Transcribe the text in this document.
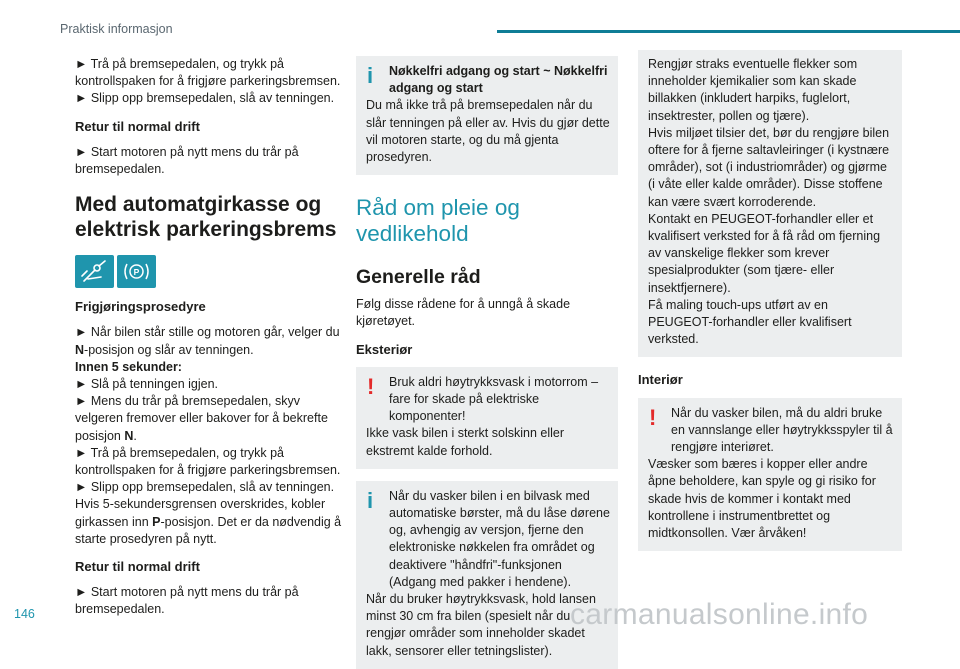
Praktisk informasjon

► Trå på bremsepedalen, og trykk på kontrollspaken for å frigjøre parkeringsbremsen.

► Slipp opp bremsepedalen, slå av tenningen.

Retur til normal drift

► Start motoren på nytt mens du trår på bremsepedalen.

Med automatgirkasse og elektrisk parkeringsbrems

P

Frigjøringsprosedyre

► Når bilen står stille og motoren går, velger du N-posisjon og slår av tenningen.

Innen 5 sekunder:

► Slå på tenningen igjen.

► Mens du trår på bremsepedalen, skyv velgeren fremover eller bakover for å bekrefte posisjon N.

► Trå på bremsepedalen, og trykk på kontrollspaken for å frigjøre parkeringsbremsen.

► Slipp opp bremsepedalen, slå av tenningen.

Hvis 5-sekundersgrensen overskrides, kobler girkassen inn P-posisjon. Det er da nødvendig å starte prosedyren på nytt.

Retur til normal drift

► Start motoren på nytt mens du trår på bremsepedalen.

i	Nøkkelfri adgang og start ~ Nøkkelfri adgang og start

Du må ikke trå på bremsepedalen når du slår tenningen på eller av. Hvis du gjør dette vil motoren starte, og du må gjenta prosedyren.

Råd om pleie og vedlikehold

Generelle råd

Følg disse rådene for å unngå å skade kjøretøyet.

Eksteriør

!	Bruk aldri høytrykksvask i motorrom – fare for skade på elektriske komponenter!

Ikke vask bilen i sterkt solskinn eller ekstremt kalde forhold.

i	Når du vasker bilen i en bilvask med automatiske børster, må du låse dørene og, avhengig av versjon, fjerne den elektroniske nøkkelen fra området og deaktivere "håndfri"-funksjonen (Adgang med pakker i hendene).

Når du bruker høytrykksvask, hold lansen minst 30 cm fra bilen (spesielt når du rengjør områder som inneholder skadet lakk, sensorer eller tetningslister).

Rengjør straks eventuelle flekker som inneholder kjemikalier som kan skade billakken (inkludert harpiks, fuglelort, insektrester, pollen og tjære).

Hvis miljøet tilsier det, bør du rengjøre bilen oftere for å fjerne saltavleiringer (i kystnære områder), sot (i industriområder) og gjørme (i våte eller kalde områder). Disse stoffene kan være svært korroderende.

Kontakt en PEUGEOT-forhandler eller et kvalifisert verksted for å få råd om fjerning av vanskelige flekker som krever spesialprodukter (som tjære- eller insektfjernere).

Få maling touch-ups utført av en PEUGEOT-forhandler eller kvalifisert verksted.

Interiør

!	Når du vasker bilen, må du aldri bruke en vannslange eller høytrykksspyler til å rengjøre interiøret.

Væsker som bæres i kopper eller andre åpne beholdere, kan spyle og gi risiko for skade hvis de kommer i kontakt med kontrollene i instrumentbrettet og midtkonsollen. Vær årvåken!

146	carmanualsonline.info
